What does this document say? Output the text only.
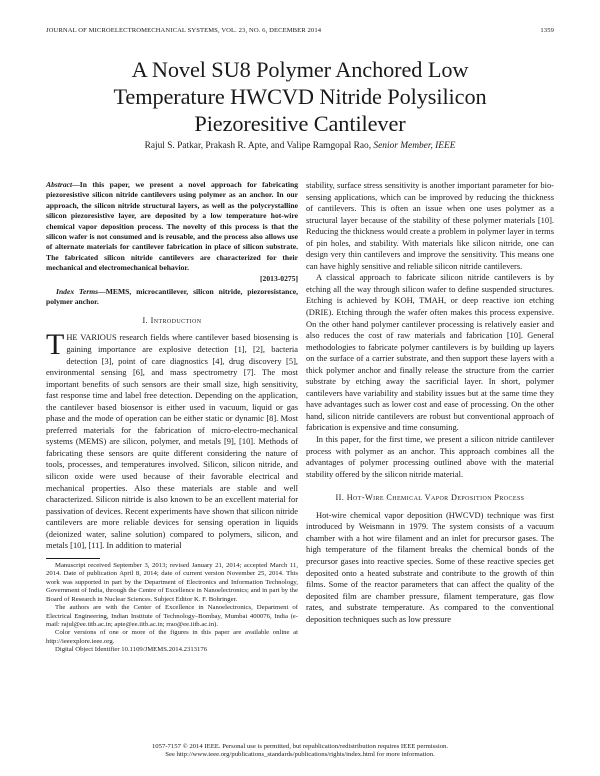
JOURNAL OF MICROELECTROMECHANICAL SYSTEMS, VOL. 23, NO. 6, DECEMBER 2014	1359
A Novel SU8 Polymer Anchored Low
Temperature HWCVD Nitride Polysilicon
Piezoresitive Cantilever
Rajul S. Patkar, Prakash R. Apte, and Valipe Ramgopal Rao, Senior Member, IEEE
Abstract—In this paper, we present a novel approach for fabricating piezoresistive silicon nitride cantilevers using polymer as an anchor. In our approach, the silicon nitride structural layers, as well as the polycrystalline silicon piezoresistive layer, are deposited by a low temperature hot-wire chemical vapor deposition process. The novelty of this process is that the silicon wafer is not consumed and is reusable, and the process also allows use of alternate materials for cantilever fabrication in place of silicon substrate. The fabricated silicon nitride cantilevers are characterized for their mechanical and electromechanical behavior.
[2013-0275]
Index Terms—MEMS, microcantilever, silicon nitride, piezoresistance, polymer anchor.
I. Introduction

THE VARIOUS research fields where cantilever based biosensing is gaining importance are explosive detection [1], [2], bacteria detection [3], point of care diagnostics [4], drug discovery [5], environmental sensing [6], and mass spectrometry [7]. The most important benefits of such sensors are their small size, high sensitivity, fast response time and label free detection. Depending on the application, the cantilever based biosensor is either used in vacuum, liquid or gas phase and the mode of operation can be either static or dynamic [8]. Most preferred materials for the fabrication of micro-electro-mechanical systems (MEMS) are silicon, polymer, and metals [9], [10]. Methods of fabricating these sensors are quite different considering the nature of tools, processes, and temperatures involved. Silicon, silicon nitride, and silicon oxide were used because of their favorable electrical and mechanical properties. Also these materials are stable and well characterized. Silicon nitride is also known to be an excellent material for passivation of devices. Recent experiments have shown that silicon nitride cantilevers are more reliable devices for sensing operation in liquids (deionized water, saline solution) compared to polymers, silicon, and metals [10], [11]. In addition to material

Manuscript received September 3, 2013; revised January 21, 2014; accepted March 11, 2014. Date of publication April 8, 2014; date of current version November 25, 2014. This work was supported in part by the Department of Electronics and Information Technology, Government of India, through the Centre of Excellence in Nanoelectronics; and in part by the Board of Research in Nuclear Sciences. Subject Editor K. F. Bohringer.

The authors are with the Center of Excellence in Nanoelectronics, Department of Electrical Engineering, Indian Institute of Technology–Bombay, Mumbai 400076, India (e-mail: rajul@ee.iitb.ac.in; apte@ee.iitb.ac.in; rrao@ee.iitb.ac.in).

Color versions of one or more of the figures in this paper are available online at http://ieeexplore.ieee.org.

Digital Object Identifier 10.1109/JMEMS.2014.2313176

stability, surface stress sensitivity is another important parameter for bio-sensing applications, which can be improved by reducing the thickness of cantilevers. This is often an issue when one uses polymer as a structural layer because of the stability of these polymer materials [10]. Reducing the thickness would create a problem in polymer layer in terms of pin holes, and stability. With materials like silicon nitride, one can design very thin cantilevers and improve the sensitivity. This means one can have highly sensitive and reliable silicon nitride cantilevers.

A classical approach to fabricate silicon nitride cantilevers is by etching all the way through silicon wafer to define suspended structures. Etching is achieved by KOH, TMAH, or deep reactive ion etching (DRIE). Etching through the wafer often makes this process expensive. On the other hand polymer cantilever processing is relatively easier and also reduces the cost of raw materials and fabrication [10]. General methodologies to fabricate polymer cantilevers is by building up layers on the surface of a carrier substrate, and then support these layers with a thick polymer anchor and finally release the structure from the carrier substrate by etching away the sacrificial layer. In short, polymer cantilevers have variability and stability issues but at the same time they have advantages such as lower cost and ease of processing. On the other hand, silicon nitride cantilevers are robust but conventional approach of fabrication is expensive and time consuming.

In this paper, for the first time, we present a silicon nitride cantilever process with polymer as an anchor. This approach combines all the advantages of polymer processing outlined above with the material stability offered by the silicon nitride material.

II. Hot-Wire Chemical Vapor Deposition Process

Hot-wire chemical vapor deposition (HWCVD) technique was first introduced by Weismann in 1979. The system consists of a vacuum chamber with a hot wire filament and an inlet for precursor gases. The high temperature of the filament breaks the chemical bonds of the precursor gases into reactive species. Some of these reactive species get deposited onto a heated substrate and contribute to the growth of thin films. Some of the reactor parameters that can affect the quality of the deposited film are chamber pressure, filament temperature, gas flow rates, and substrate temperature. As compared to the conventional deposition techniques such as low pressure

1057-7157 © 2014 IEEE. Personal use is permitted, but republication/redistribution requires IEEE permission.
See http://www.ieee.org/publications_standards/publications/rights/index.html for more information.
